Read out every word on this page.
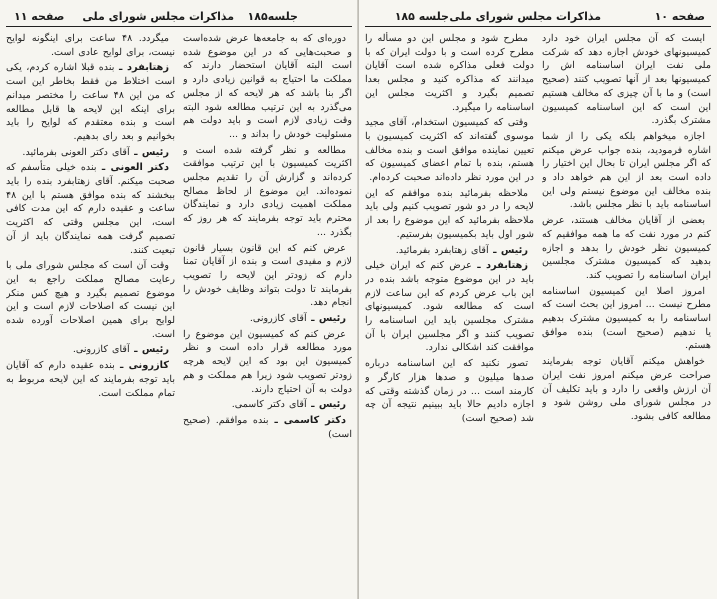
جلسه۱۸۵
مذاکرات مجلس شورای ملی
صفحه ۱۱

دوره‌ای که به جامعه‌ها عرض شده‌است و صحبت‌هایی که در این موضوع شده است البته آقایان استحضار دارند که مملکت ما احتیاج به قوانین زیادی دارد و اگر بنا باشد که هر لایحه که از مجلس می‌گذرد به این ترتیب مطالعه شود البته وقت زیادی لازم است و باید دولت هم مسئولیت خودش را بداند و ...

مطالعه و نظر گرفته شده است و اکثریت کمیسیون با این ترتیب موافقت کرده‌اند و گزارش آن را تقدیم مجلس نموده‌اند. این موضوع از لحاظ مصالح مملکت اهمیت زیادی دارد و نمایندگان محترم باید توجه بفرمایند که هر روز که بگذرد ...

عرض کنم که این قانون بسیار قانون لازم و مفیدی است و بنده از آقایان تمنا دارم که زودتر این لایحه را تصویب بفرمایند تا دولت بتواند وظایف خودش را انجام دهد.

رئیس ـ آقای کازرونی.

عرض کنم که کمیسیون این موضوع را مورد مطالعه قرار داده است و نظر کمیسیون این بود که این لایحه هرچه زودتر تصویب شود زیرا هم مملکت و هم دولت به آن احتیاج دارند.

رئیس ـ آقای دکتر کاسمی.

دکتر کاسمی ـ بنده موافقم. (صحیح است)

میگردد. ۴۸ ساعت برای اینگونه لوایح نیست، برای لوایح عادی است.

زهتابفرد ـ بنده قبلا اشاره کردم، یکی است اختلاط من فقط بخاطر این است که من این ۴۸ ساعت را مختصر میدانم برای اینکه این لایحه ها قابل مطالعه است و بنده معتقدم که لوایح را باید بخوانیم و بعد رای بدهیم.

رئیس ـ آقای دکتر العونی بفرمائید.

دکتر العونی ـ بنده خیلی متأسفم که صحبت میکنم. آقای زهتابفرد بنده را باید ببخشند که بنده موافق هستم با این ۴۸ ساعت و عقیده دارم که این مدت کافی است، این مجلس وقتی که اکثریت تصمیم گرفت همه نمایندگان باید از آن تبعیت کنند.

وقت آن است که مجلس شورای ملی با رعایت مصالح مملکت راجع به این موضوع تصمیم بگیرد و هیچ کس منکر این نیست که اصلاحات لازم است و این لوایح برای همین اصلاحات آورده شده است.

رئیس ـ آقای کازرونی.

کازرونی ـ بنده عقیده دارم که آقایان باید توجه بفرمایند که این لایحه مربوط به تمام مملکت است.

صفحه ۱۰
مذاکرات مجلس شورای ملی
جلسه ۱۸۵

ایست که آن مجلس ایران خود دارد کمیسیونهای خودش اجازه دهد که شرکت ملی نفت ایران اساسنامه اش را کمیسیونها بعد از آنها تصویب کنند (صحیح است) و ما با آن چیزی که مخالف هستیم این است که این اساسنامه کمیسیون مشترک بگذرد.

اجازه میخواهم بلکه یکی را از شما اشاره فرمودید، بنده جواب عرض میکنم که اگر مجلس ایران تا بحال این اختیار را داده است بعد از این هم خواهد داد و بنده مخالف این موضوع نیستم ولی این اساسنامه باید با نظر مجلس باشد.

بعضی از آقایان مخالف هستند، عرض کنم در مورد نفت که ما همه موافقیم که کمیسیون نظر خودش را بدهد و اجازه بدهید که کمیسیون مشترک مجلسین ایران اساسنامه را تصویب کند.

امروز اصلا این کمیسیون اساسنامه مطرح نیست ... امروز این بحث است که اساسنامه را به کمیسیون مشترک بدهیم یا ندهیم (صحیح است) بنده موافق هستم.

خواهش میکنم آقایان توجه بفرمایند صراحت عرض میکنم امروز نفت ایران آن ارزش واقعی را دارد و باید تکلیف آن در مجلس شورای ملی روشن شود و مطالعه کافی بشود.

مطرح شود و مجلس این دو مسأله را مطرح کرده است و با دولت ایران که با دولت فعلی مذاکره شده است آقایان میدانند که مذاکره کنید و مجلس بعدا تصمیم بگیرد و اکثریت مجلس این اساسنامه را میگیرد.

وقتی که کمیسیون استخدام، آقای مجید موسوی گفته‌اند که اکثریت کمیسیون با تعیین نماینده موافق است و بنده مخالف هستم، بنده با تمام اعضای کمیسیون که در این مورد نظر داده‌اند صحبت کرده‌ام.

ملاحظه بفرمائید بنده موافقم که این لایحه را در دو شور تصویب کنیم ولی باید ملاحظه بفرمائید که این موضوع را بعد از شور اول باید بکمیسیون بفرستیم.

رئیس ـ آقای زهتابفرد بفرمائید.

زهتابفرد ـ عرض کنم که ایران خیلی باید در این موضوع متوجه باشد بنده در این باب عرض کردم که این ساعت لازم است که مطالعه شود. کمیسیونهای مشترک مجلسین باید این اساسنامه را تصویب کنند و اگر مجلسین ایران با آن موافقت کند اشکالی ندارد.

تصور نکنید که این اساسنامه درباره صدها میلیون و صدها هزار کارگر و کارمند است ... در زمان گذشته وقتی که اجازه دادیم حالا باید ببینیم نتیجه آن چه شد (صحیح است)
